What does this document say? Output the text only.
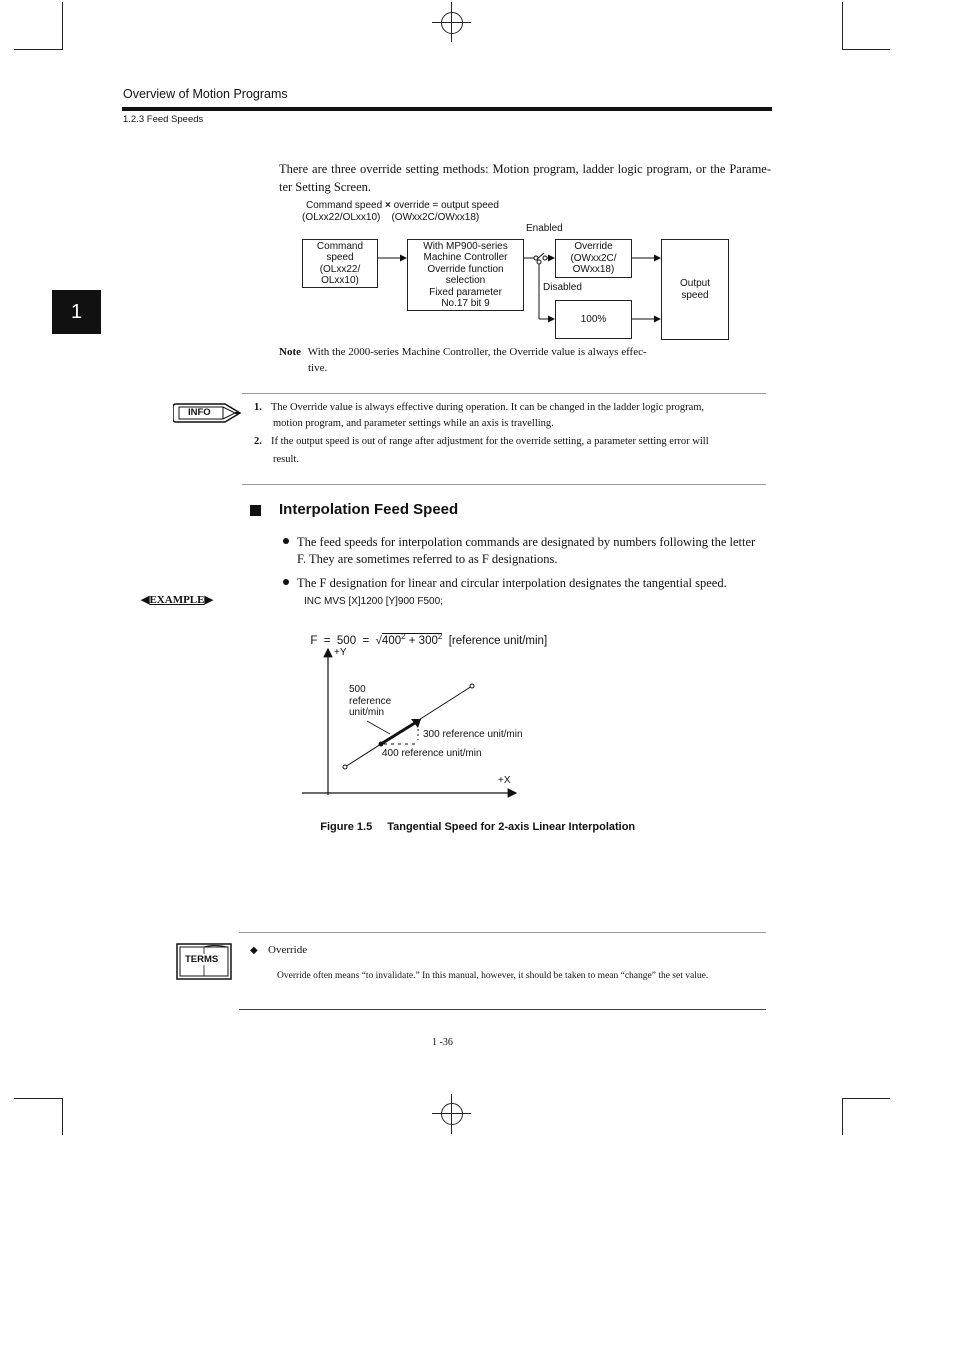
Overview of Motion Programs
1.2.3 Feed Speeds
1
There are three override setting methods: Motion program, ladder logic program, or the Parame- ter Setting Screen.
Command speed × override = output speed
(OLxx22/OLxx10)    (OWxx2C/OWxx18)
Command
speed
(OLxx22/
OLxx10)
With MP900-series
Machine Controller
Override function
selection
Fixed parameter
No.17 bit 9
Override
(OWxx2C/
OWxx18)
100%
Output
speed
Enabled
Disabled
Note With the 2000-series Machine Controller, the Override value is always effec-
tive.
INFO	1. The Override value is always effective during operation. It can be changed in the ladder logic program,
motion program, and parameter settings while an axis is travelling.
2. If the output speed is out of range after adjustment for the override setting, a parameter setting error will
result.
Interpolation Feed Speed
The feed speeds for interpolation commands are designated by numbers following the letter
F. They are sometimes referred to as F designations.
The F designation for linear and circular interpolation designates the tangential speed.
◀EXAMPLE▶	INC MVS [X]1200 [Y]900 F500;

$F = 500 = √400^2 + 300^2$  [reference unit/min]

+Y
+X
500
reference
unit/min
300 reference unit/min
400 reference unit/min

Figure 1.5 Tangential Speed for 2-axis Linear Interpolation

TERMS
◆ Override
Override often means “to invalidate.” In this manual, however, it should be taken to mean “change” the set value.
1 -36
